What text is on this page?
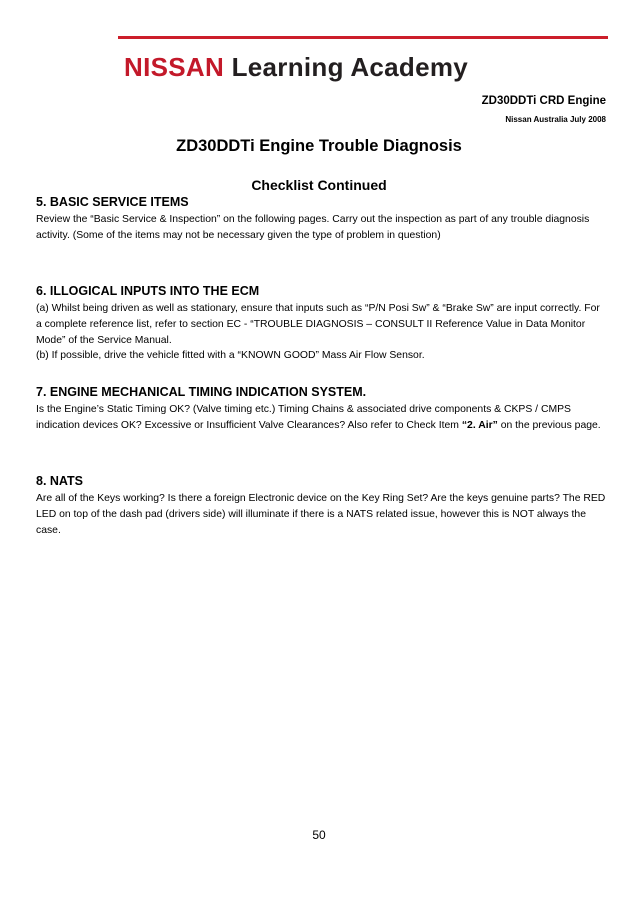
NISSAN Learning Academy
ZD30DDTi CRD Engine
Nissan Australia July 2008
ZD30DDTi Engine Trouble Diagnosis
Checklist Continued
5. BASIC SERVICE ITEMS
Review the “Basic Service & Inspection” on the following pages. Carry out the inspection as part of any trouble diagnosis activity. (Some of the items may not be necessary given the type of problem in question)
6. ILLOGICAL INPUTS INTO THE ECM
(a) Whilst being driven as well as stationary, ensure that inputs such as “P/N Posi Sw” & “Brake Sw” are input correctly. For a complete reference list, refer to section EC - “TROUBLE DIAGNOSIS – CONSULT II Reference Value in Data Monitor Mode” of the Service Manual.
(b) If possible, drive the vehicle fitted with a “KNOWN GOOD” Mass Air Flow Sensor.
7. ENGINE MECHANICAL TIMING INDICATION SYSTEM.
Is the Engine’s Static Timing OK? (Valve timing etc.) Timing Chains & associated drive components & CKPS / CMPS indication devices OK? Excessive or Insufficient Valve Clearances? Also refer to Check Item “2. Air” on the previous page.
8. NATS
Are all of the Keys working? Is there a foreign Electronic device on the Key Ring Set? Are the keys genuine parts? The RED LED on top of the dash pad (drivers side) will illuminate if there is a NATS related issue, however this is NOT always the case.
50
